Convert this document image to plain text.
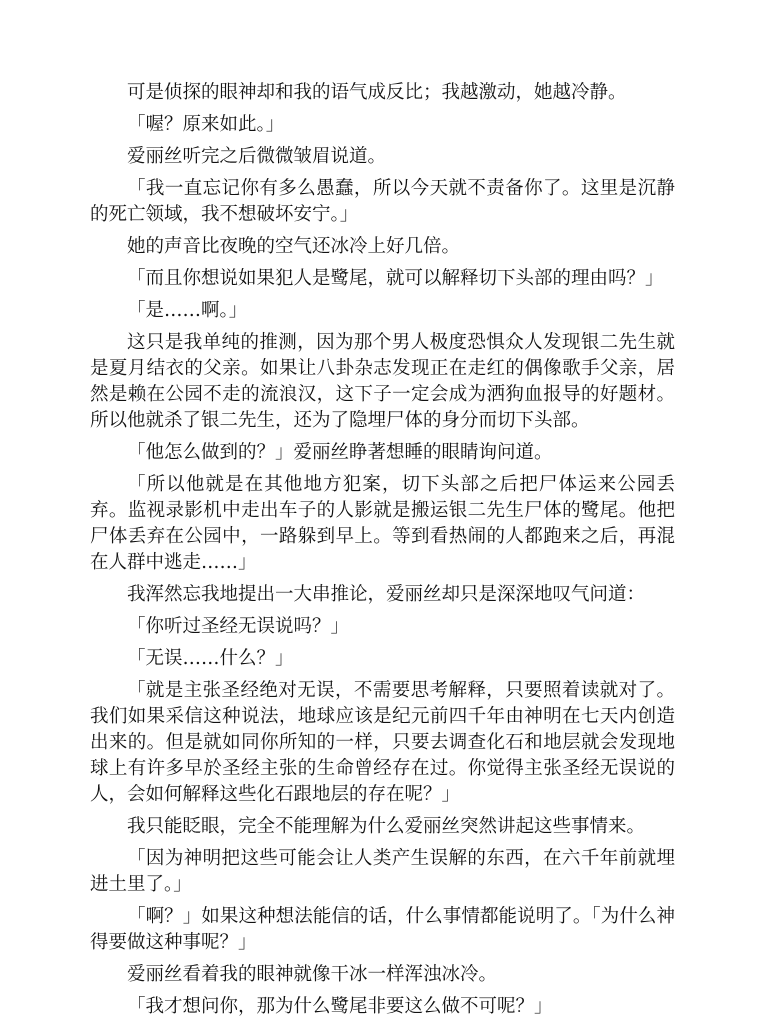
可是侦探的眼神却和我的语气成反比；我越激动，她越冷静。

「喔？原来如此。」

爱丽丝听完之后微微皱眉说道。

「我一直忘记你有多么愚蠢，所以今天就不责备你了。这里是沉静的死亡领域，我不想破坏安宁。」

她的声音比夜晚的空气还冰冷上好几倍。

「而且你想说如果犯人是鹭尾，就可以解释切下头部的理由吗？」

「是……啊。」

这只是我单纯的推测，因为那个男人极度恐惧众人发现银二先生就是夏月结衣的父亲。如果让八卦杂志发现正在走红的偶像歌手父亲，居然是赖在公园不走的流浪汉，这下子一定会成为洒狗血报导的好题材。所以他就杀了银二先生，还为了隐埋尸体的身分而切下头部。

「他怎么做到的？」爱丽丝睁著想睡的眼睛询问道。

「所以他就是在其他地方犯案，切下头部之后把尸体运来公园丢弃。监视录影机中走出车子的人影就是搬运银二先生尸体的鹭尾。他把尸体丢弃在公园中，一路躲到早上。等到看热闹的人都跑来之后，再混在人群中逃走……」

我浑然忘我地提出一大串推论，爱丽丝却只是深深地叹气问道：

「你听过圣经无误说吗？」

「无误……什么？」

「就是主张圣经绝对无误，不需要思考解释，只要照着读就对了。我们如果采信这种说法，地球应该是纪元前四千年由神明在七天内创造出来的。但是就如同你所知的一样，只要去调查化石和地层就会发现地球上有许多早於圣经主张的生命曾经存在过。你觉得主张圣经无误说的人，会如何解释这些化石跟地层的存在呢？」

我只能眨眼，完全不能理解为什么爱丽丝突然讲起这些事情来。

「因为神明把这些可能会让人类产生误解的东西，在六千年前就埋进土里了。」

「啊？」如果这种想法能信的话，什么事情都能说明了。「为什么神得要做这种事呢？」

爱丽丝看着我的眼神就像干冰一样浑浊冰冷。

「我才想问你，那为什么鹭尾非要这么做不可呢？」
